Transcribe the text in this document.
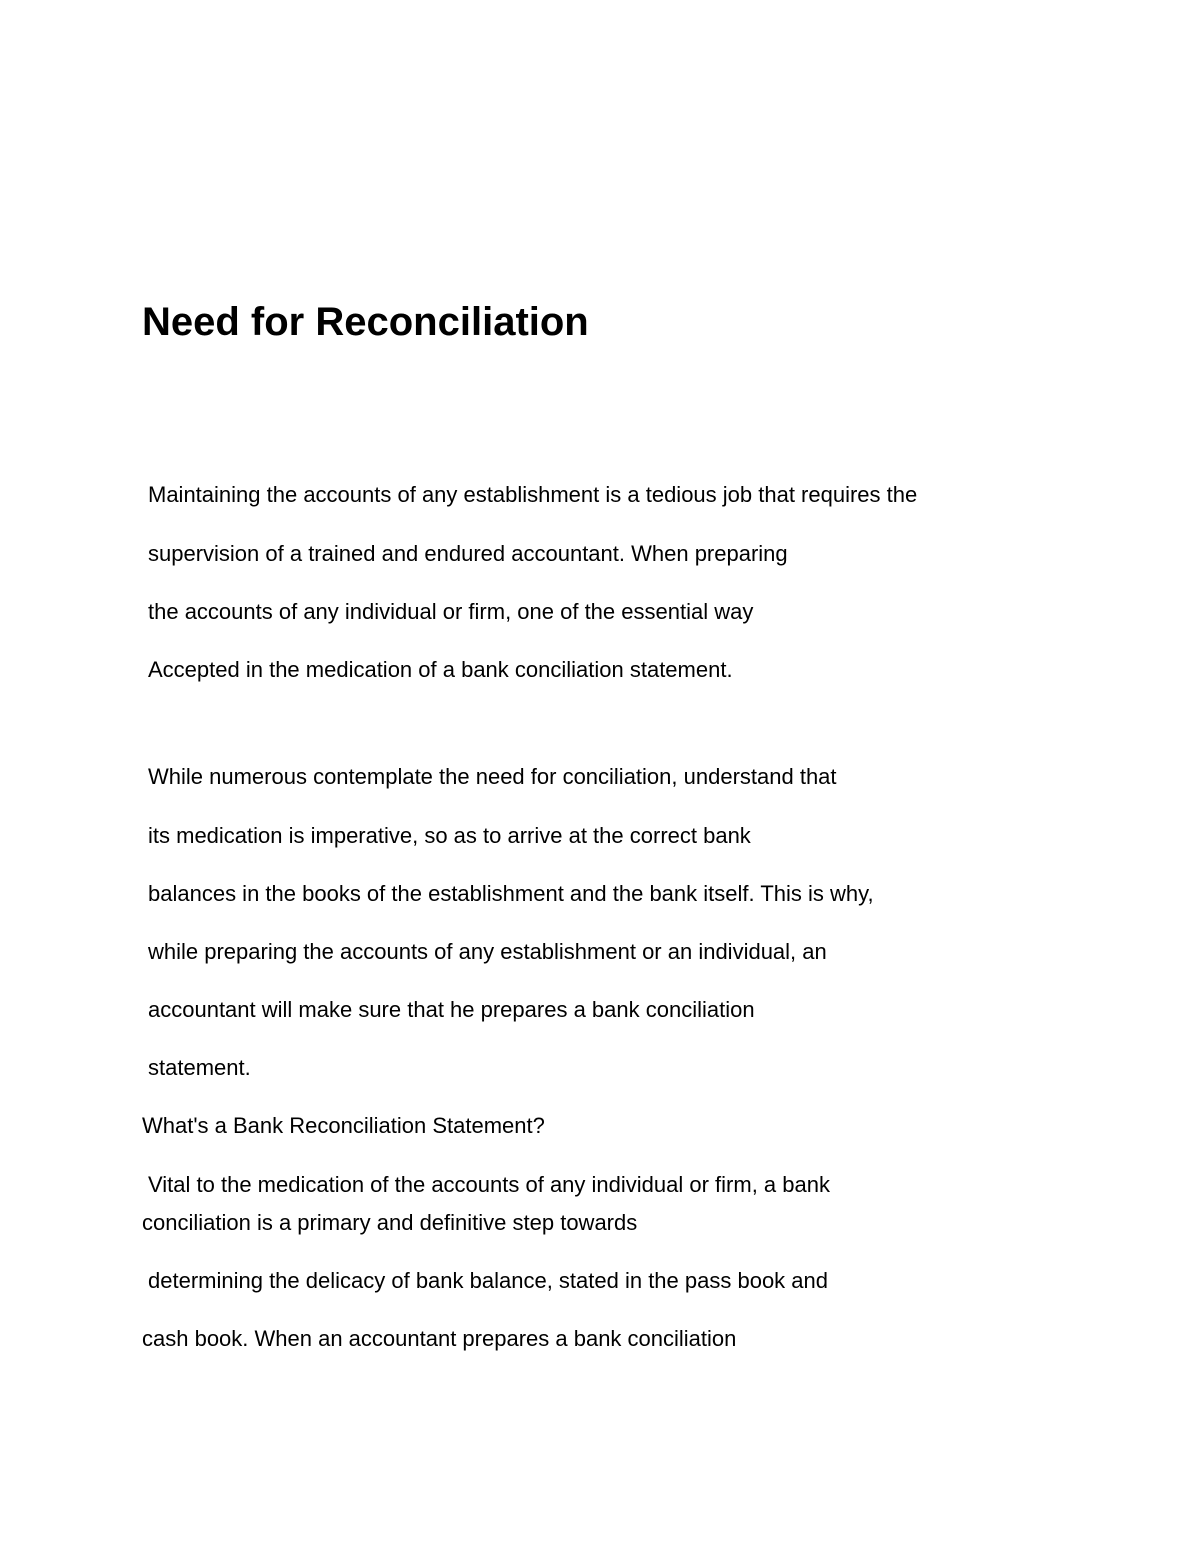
Need for Reconciliation
Maintaining the accounts of any establishment is a tedious job that requires the
supervision of a trained and endured accountant. When preparing
the accounts of any individual or firm, one of the essential way
Accepted in the medication of a bank conciliation statement.
While numerous contemplate the need for conciliation, understand that
its medication is imperative, so as to arrive at the correct bank
balances in the books of the establishment and the bank itself. This is why,
while preparing the accounts of any establishment or an individual, an
accountant will make sure that he prepares a bank conciliation
statement.
What's a Bank Reconciliation Statement?
Vital to the medication of the accounts of any individual or firm, a bank
conciliation is a primary and definitive step towards
determining the delicacy of bank balance, stated in the pass book and
cash book. When an accountant prepares a bank conciliation
